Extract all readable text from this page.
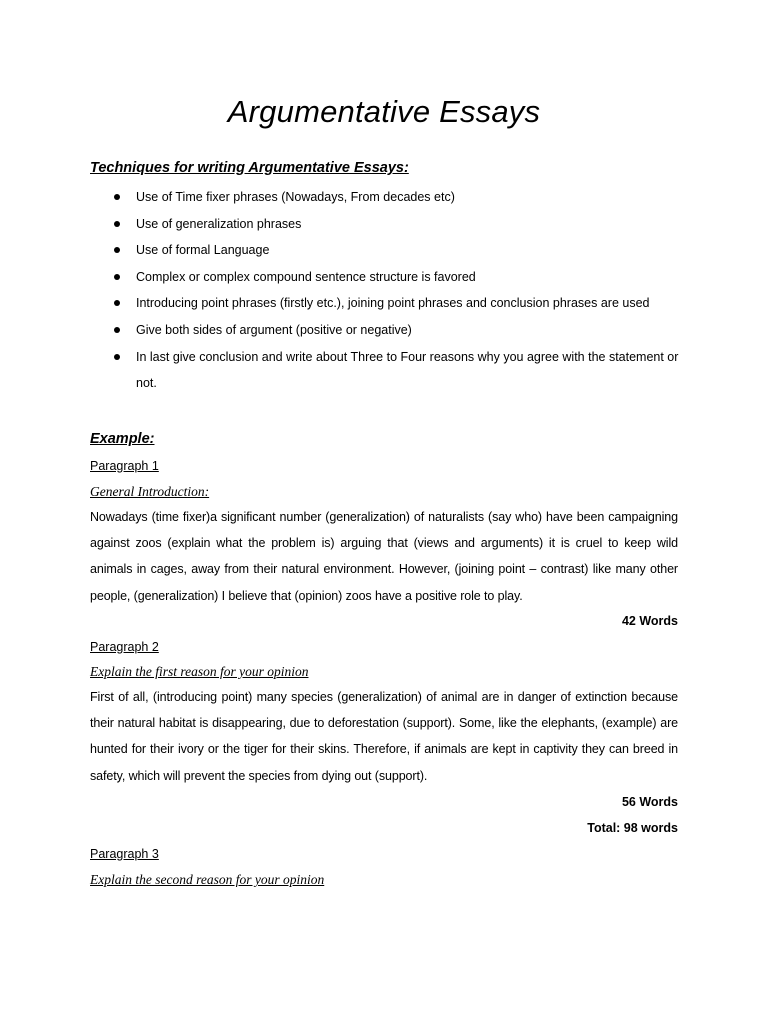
Argumentative Essays
Techniques for writing Argumentative Essays:
Use of Time fixer phrases (Nowadays, From decades etc)
Use of generalization phrases
Use of formal Language
Complex or complex compound sentence structure is favored
Introducing point phrases (firstly etc.), joining point phrases and conclusion phrases are used
Give both sides of argument (positive or negative)
In last give conclusion and write about Three to Four reasons why you agree with the statement or not.
Example:
Paragraph 1
General Introduction:
Nowadays (time fixer)a significant number (generalization) of naturalists (say who) have been campaigning against zoos (explain what the problem is) arguing that (views and arguments) it is cruel to keep wild animals in cages, away from their natural environment. However, (joining point – contrast) like many other people, (generalization) I believe that (opinion) zoos have a positive role to play.
42 Words
Paragraph 2
Explain the first reason for your opinion
First of all, (introducing point) many species (generalization) of animal are in danger of extinction because their natural habitat is disappearing, due to deforestation (support). Some, like the elephants, (example) are hunted for their ivory or the tiger for their skins. Therefore, if animals are kept in captivity they can breed in safety, which will prevent the species from dying out (support).
56 Words
Total: 98 words
Paragraph 3
Explain the second reason for your opinion
